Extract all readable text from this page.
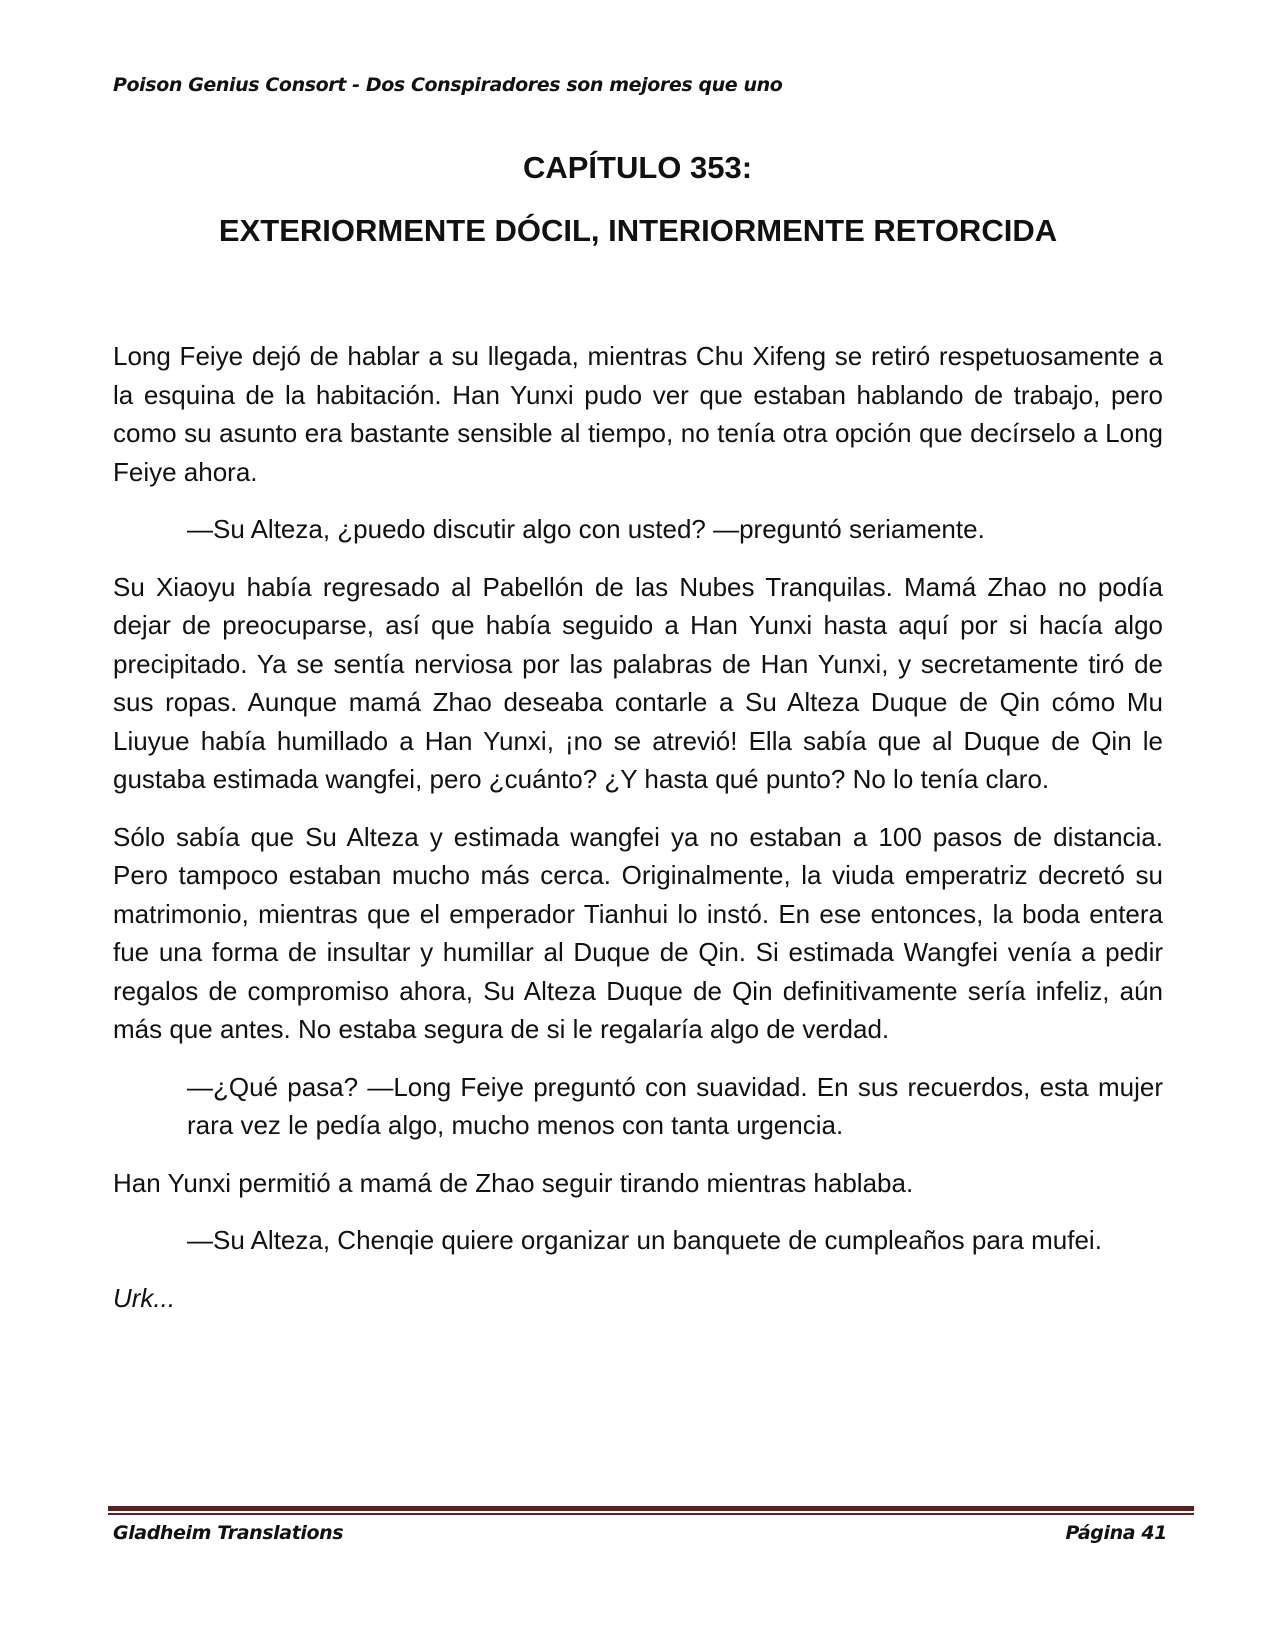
Poison Genius Consort - Dos Conspiradores son mejores que uno
CAPÍTULO 353:
EXTERIORMENTE DÓCIL, INTERIORMENTE RETORCIDA

Long Feiye dejó de hablar a su llegada, mientras Chu Xifeng se retiró respetuosamente a la esquina de la habitación. Han Yunxi pudo ver que estaban hablando de trabajo, pero como su asunto era bastante sensible al tiempo, no tenía otra opción que decírselo a Long Feiye ahora.

—Su Alteza, ¿puedo discutir algo con usted? —preguntó seriamente.

Su Xiaoyu había regresado al Pabellón de las Nubes Tranquilas. Mamá Zhao no podía dejar de preocuparse, así que había seguido a Han Yunxi hasta aquí por si hacía algo precipitado. Ya se sentía nerviosa por las palabras de Han Yunxi, y secretamente tiró de sus ropas. Aunque mamá Zhao deseaba contarle a Su Alteza Duque de Qin cómo Mu Liuyue había humillado a Han Yunxi, ¡no se atrevió! Ella sabía que al Duque de Qin le gustaba estimada wangfei, pero ¿cuánto? ¿Y hasta qué punto? No lo tenía claro.

Sólo sabía que Su Alteza y estimada wangfei ya no estaban a 100 pasos de distancia. Pero tampoco estaban mucho más cerca. Originalmente, la viuda emperatriz decretó su matrimonio, mientras que el emperador Tianhui lo instó. En ese entonces, la boda entera fue una forma de insultar y humillar al Duque de Qin. Si estimada Wangfei venía a pedir regalos de compromiso ahora, Su Alteza Duque de Qin definitivamente sería infeliz, aún más que antes. No estaba segura de si le regalaría algo de verdad.

—¿Qué pasa? —Long Feiye preguntó con suavidad. En sus recuerdos, esta mujer rara vez le pedía algo, mucho menos con tanta urgencia.

Han Yunxi permitió a mamá de Zhao seguir tirando mientras hablaba.

—Su Alteza, Chenqie quiere organizar un banquete de cumpleaños para mufei.

Urk...

Gladheim Translations	Página 41
